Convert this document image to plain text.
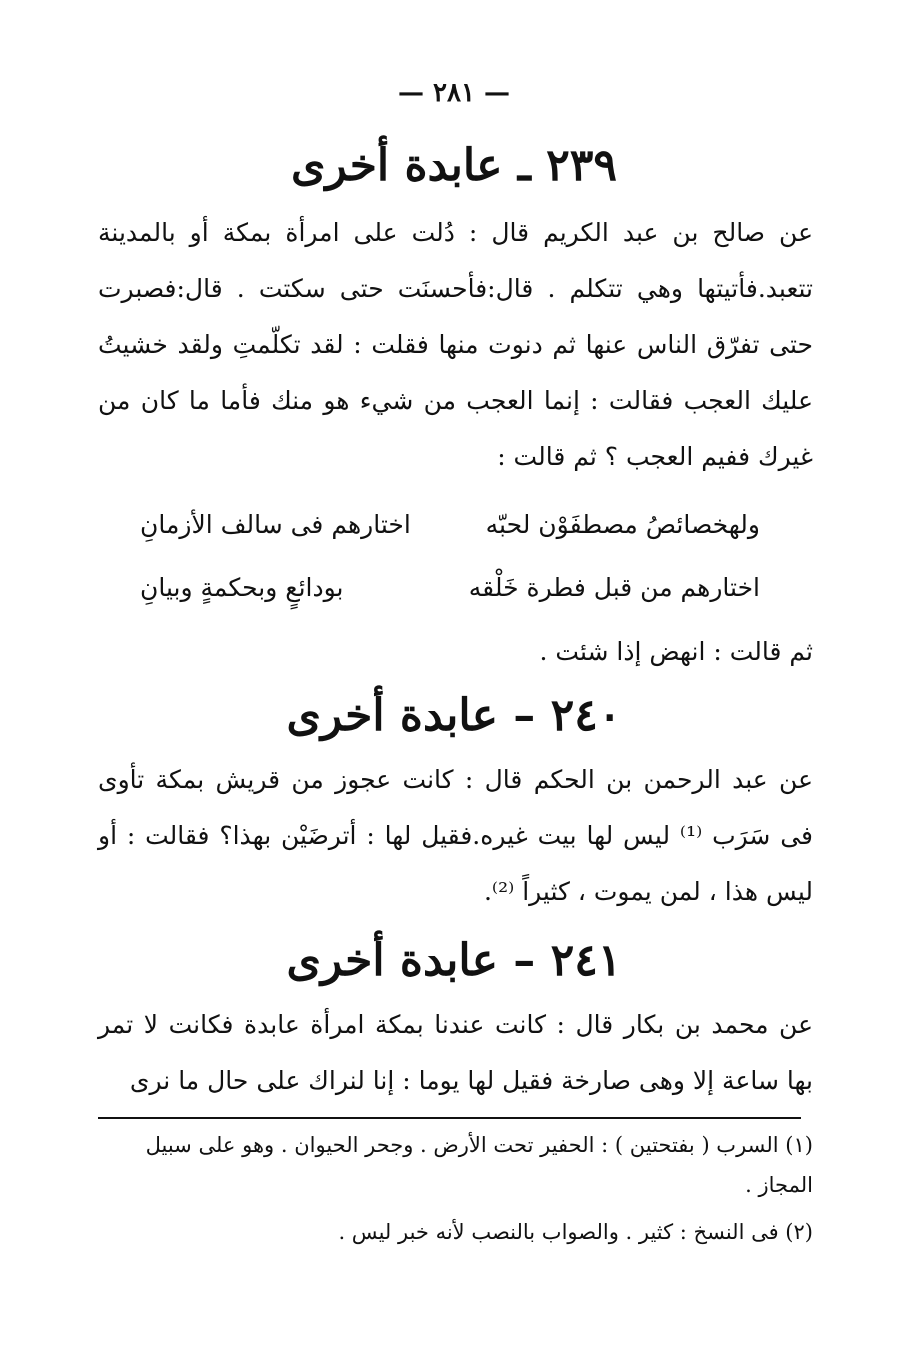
— ٢٨١ —
٢٣٩ ـ عابدة أخرى
عن صالح بن عبد الكريم قال : دُلت على امرأة بمكة أو بالمدينة تتعبد.فأتيتها وهي تتكلم . قال:فأحسنَت حتى سكتت . قال:فصبرت حتى تفرّق الناس عنها ثم دنوت منها فقلت : لقد تكلّمتِ ولقد خشيتُ عليك العجب فقالت : إنما العجب من شيء هو منك فأما ما كان من غيرك ففيم العجب ؟ ثم قالت :
ولهخصائصُ مصطفَوْن لحبّه
اختارهم فى سالف الأزمانِ
اختارهم من قبل فطرة خَلْقه
بودائعٍ وبحكمةٍ وبيانِ
ثم قالت : انهض إذا شئت .
٢٤٠ – عابدة أخرى
عن عبد الرحمن بن الحكم قال : كانت عجوز من قريش بمكة تأوى فى سَرَب ⁽¹⁾ ليس لها بيت غيره.فقيل لها : أترضَيْن بهذا؟ فقالت : أو ليس هذا ، لمن يموت ، كثيراً ⁽²⁾.
٢٤١ – عابدة أخرى
عن محمد بن بكار قال : كانت عندنا بمكة امرأة عابدة فكانت لا تمر بها ساعة إلا وهى صارخة فقيل لها يوما : إنا لنراك على حال ما نرى
(١) السرب ( بفتحتين ) : الحفير تحت الأرض . وجحر الحيوان . وهو على سبيل المجاز .
(٢) فى النسخ : كثير . والصواب بالنصب لأنه خبر ليس .
